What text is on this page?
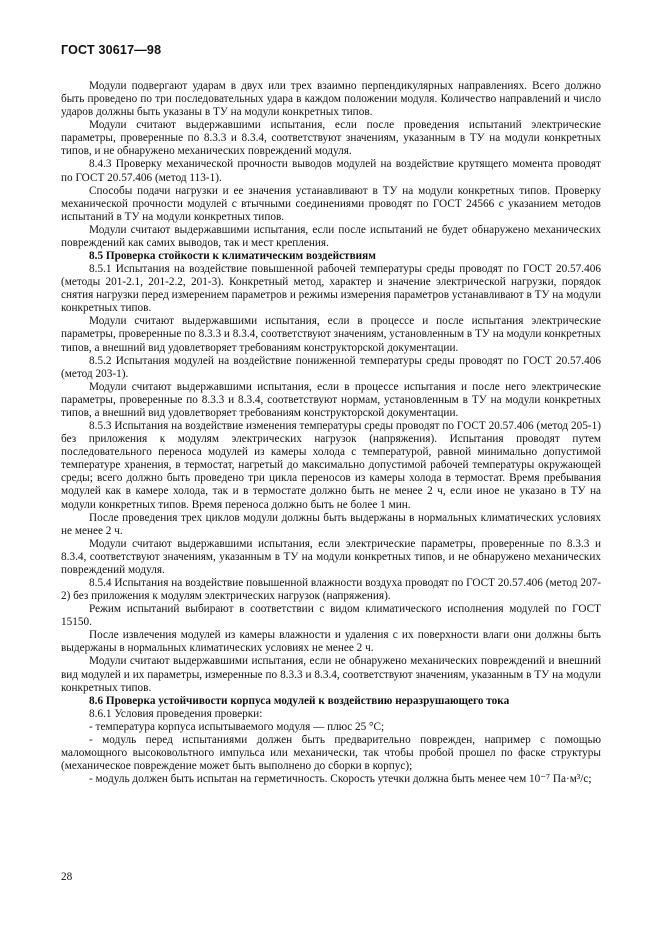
ГОСТ 30617—98

Модули подвергают ударам в двух или трех взаимно перпендикулярных направлениях. Всего должно быть проведено по три последовательных удара в каждом положении модуля. Количество направлений и число ударов должны быть указаны в ТУ на модули конкретных типов.

Модули считают выдержавшими испытания, если после проведения испытаний электрические параметры, проверенные по 8.3.3 и 8.3.4, соответствуют значениям, указанным в ТУ на модули конкретных типов, и не обнаружено механических повреждений модуля.

8.4.3 Проверку механической прочности выводов модулей на воздействие крутящего момента проводят по ГОСТ 20.57.406 (метод 113-1).

Способы подачи нагрузки и ее значения устанавливают в ТУ на модули конкретных типов. Проверку механической прочности модулей с втычными соединениями проводят по ГОСТ 24566 с указанием методов испытаний в ТУ на модули конкретных типов.

Модули считают выдержавшими испытания, если после испытаний не будет обнаружено механических повреждений как самих выводов, так и мест крепления.

8.5 Проверка стойкости к климатическим воздействиям

8.5.1 Испытания на воздействие повышенной рабочей температуры среды проводят по ГОСТ 20.57.406 (методы 201-2.1, 201-2.2, 201-3). Конкретный метод, характер и значение электрической нагрузки, порядок снятия нагрузки перед измерением параметров и режимы измерения параметров устанавливают в ТУ на модули конкретных типов.

Модули считают выдержавшими испытания, если в процессе и после испытания электрические параметры, проверенные по 8.3.3 и 8.3.4, соответствуют значениям, установленным в ТУ на модули конкретных типов, а внешний вид удовлетворяет требованиям конструкторской документации.

8.5.2 Испытания модулей на воздействие пониженной температуры среды проводят по ГОСТ 20.57.406 (метод 203-1).

Модули считают выдержавшими испытания, если в процессе испытания и после него электрические параметры, проверенные по 8.3.3 и 8.3.4, соответствуют нормам, установленным в ТУ на модули конкретных типов, а внешний вид удовлетворяет требованиям конструкторской документации.

8.5.3 Испытания на воздействие изменения температуры среды проводят по ГОСТ 20.57.406 (метод 205-1) без приложения к модулям электрических нагрузок (напряжения). Испытания проводят путем последовательного переноса модулей из камеры холода с температурой, равной минимально допустимой температуре хранения, в термостат, нагретый до максимально допустимой рабочей температуры окружающей среды; всего должно быть проведено три цикла переносов из камеры холода в термостат. Время пребывания модулей как в камере холода, так и в термостате должно быть не менее 2 ч, если иное не указано в ТУ на модули конкретных типов. Время переноса должно быть не более 1 мин.

После проведения трех циклов модули должны быть выдержаны в нормальных климатических условиях не менее 2 ч.

Модули считают выдержавшими испытания, если электрические параметры, проверенные по 8.3.3 и 8.3.4, соответствуют значениям, указанным в ТУ на модули конкретных типов, и не обнаружено механических повреждений модуля.

8.5.4 Испытания на воздействие повышенной влажности воздуха проводят по ГОСТ 20.57.406 (метод 207-2) без приложения к модулям электрических нагрузок (напряжения).

Режим испытаний выбирают в соответствии с видом климатического исполнения модулей по ГОСТ 15150.

После извлечения модулей из камеры влажности и удаления с их поверхности влаги они должны быть выдержаны в нормальных климатических условиях не менее 2 ч.

Модули считают выдержавшими испытания, если не обнаружено механических повреждений и внешний вид модулей и их параметры, измеренные по 8.3.3 и 8.3.4, соответствуют значениям, указанным в ТУ на модули конкретных типов.

8.6 Проверка устойчивости корпуса модулей к воздействию неразрушающего тока

8.6.1 Условия проведения проверки:

- температура корпуса испытываемого модуля — плюс 25 °С;

- модуль перед испытаниями должен быть предварительно поврежден, например с помощью маломощного высоковольтного импульса или механически, так чтобы пробой прошел по фаске структуры (механическое повреждение может быть выполнено до сборки в корпус);

- модуль должен быть испытан на герметичность. Скорость утечки должна быть менее чем 10⁻⁷ Па·м³/с;

28
